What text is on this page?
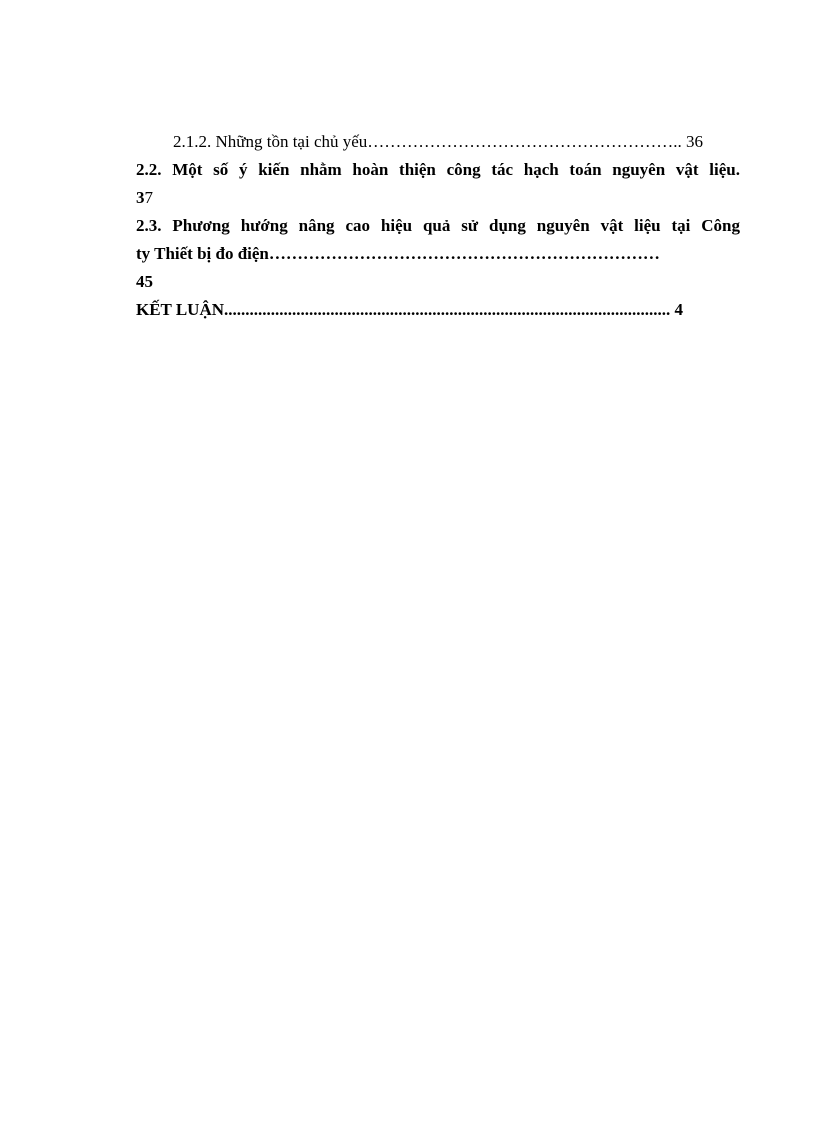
2.1.2. Những tồn tại chủ yếu……………………………………………….. 36
2.2. Một số ý kiến nhằm hoàn thiện công tác hạch toán nguyên vật liệu.
37
2.3. Phương hướng nâng cao hiệu quả sử dụng nguyên vật liệu tại Công
ty Thiết bị đo điện……………………………………………………………
45
KẾT LUẬN......................................................................................................... 4
